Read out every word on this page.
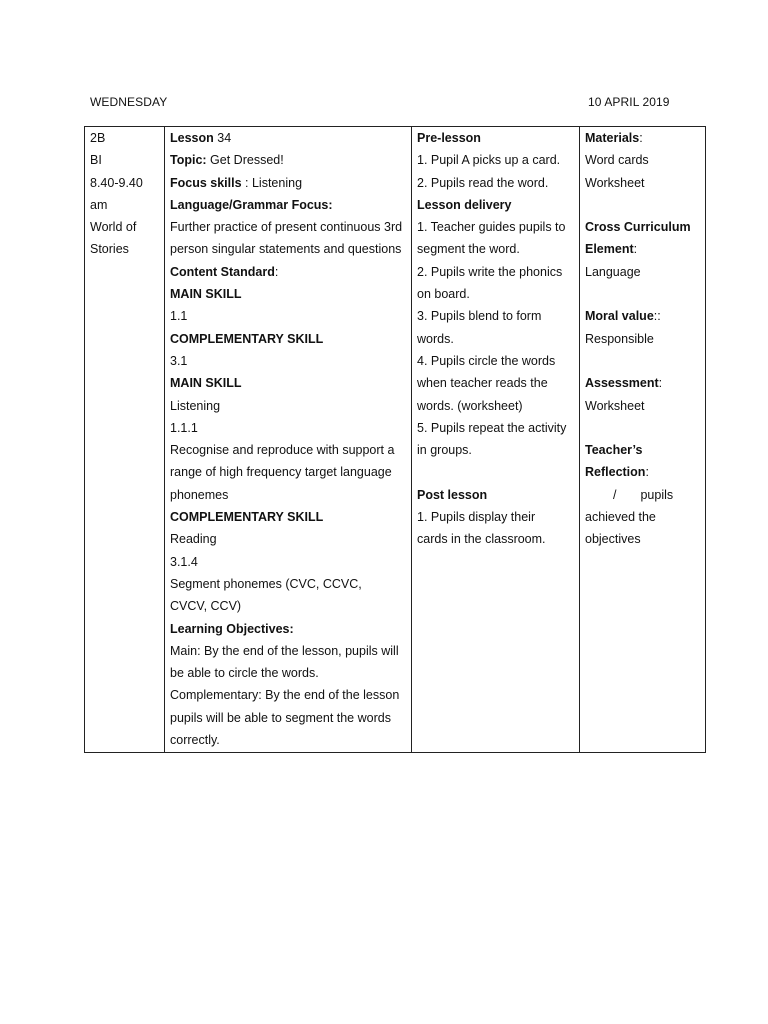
WEDNESDAY	10 APRIL 2019
2B
BI
8.40-9.40
am
World of
Stories

Lesson 34
Topic: Get Dressed!
Focus skills : Listening
Language/Grammar Focus:
Further practice of present continuous 3rd
person singular statements and questions
Content Standard:
MAIN SKILL
1.1
COMPLEMENTARY SKILL
3.1
MAIN SKILL
Listening
1.1.1
Recognise and reproduce with support a
range of high frequency target language
phonemes
COMPLEMENTARY SKILL
Reading
3.1.4
Segment phonemes (CVC, CCVC,
CVCV, CCV)
Learning Objectives:
Main: By the end of the lesson, pupils will
be able to circle the words.
Complementary: By the end of the lesson
pupils will be able to segment the words
correctly.

Pre-lesson
1. Pupil A picks up a card.
2. Pupils read the word.
Lesson delivery
1. Teacher guides pupils to
segment the word.
2. Pupils write the phonics
on board.
3. Pupils blend to form
words.
4. Pupils circle the words
when teacher reads the
words. (worksheet)
5. Pupils repeat the activity
in groups.
Post lesson
1. Pupils display their
cards in the classroom.

Materials:
Word cards
Worksheet
Cross Curriculum
Element:
Language
Moral value::
Responsible
Assessment:
Worksheet
Teacher’s
Reflection:
/ pupils
achieved the
objectives
